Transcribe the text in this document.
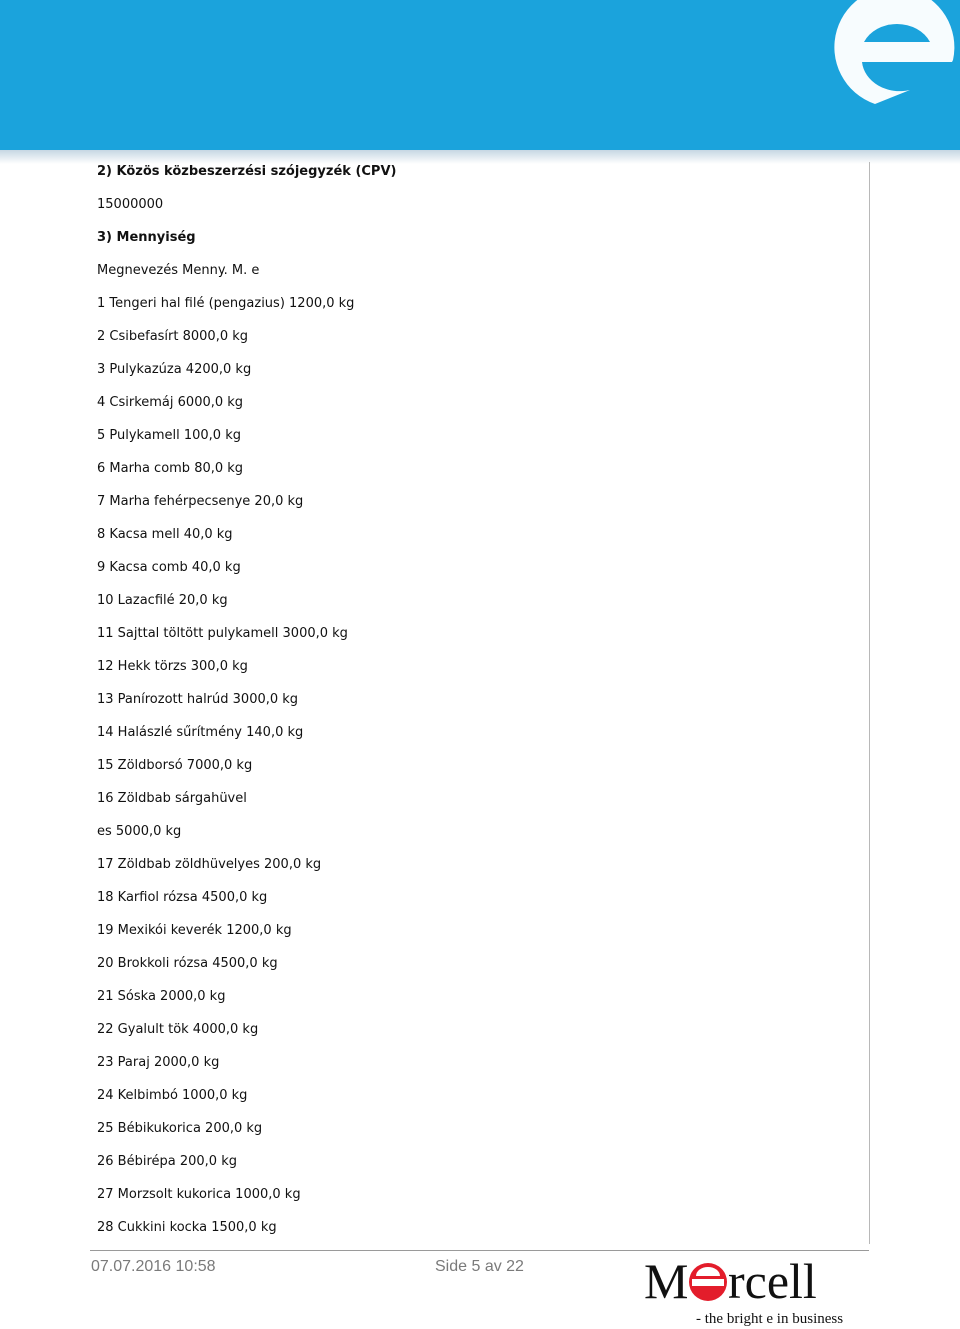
2) Közös közbeszerzési szójegyzék (CPV)
15000000
3) Mennyiség
Megnevezés Menny. M. e
1 Tengeri hal filé (pengazius) 1200,0 kg
2 Csibefasírt 8000,0 kg
3 Pulykazúza 4200,0 kg
4 Csirkemáj 6000,0 kg
5 Pulykamell 100,0 kg
6 Marha comb 80,0 kg
7 Marha fehérpecsenye 20,0 kg
8 Kacsa mell 40,0 kg
9 Kacsa comb 40,0 kg
10 Lazacfilé 20,0 kg
11 Sajttal töltött pulykamell 3000,0 kg
12 Hekk törzs 300,0 kg
13 Panírozott halrúd 3000,0 kg
14 Halászlé sűrítmény 140,0 kg
15 Zöldborsó 7000,0 kg
16 Zöldbab sárgahüvel
es 5000,0 kg
17 Zöldbab zöldhüvelyes 200,0 kg
18 Karfiol rózsa 4500,0 kg
19 Mexikói keverék 1200,0 kg
20 Brokkoli rózsa 4500,0 kg
21 Sóska 2000,0 kg
22 Gyalult tök 4000,0 kg
23 Paraj 2000,0 kg
24 Kelbimbó 1000,0 kg
25 Bébikukorica 200,0 kg
26 Bébirépa 200,0 kg
27 Morzsolt kukorica 1000,0 kg
28 Cukkini kocka 1500,0 kg
07.07.2016 10:58	Side 5 av 22 M rcell
- the bright e in business
